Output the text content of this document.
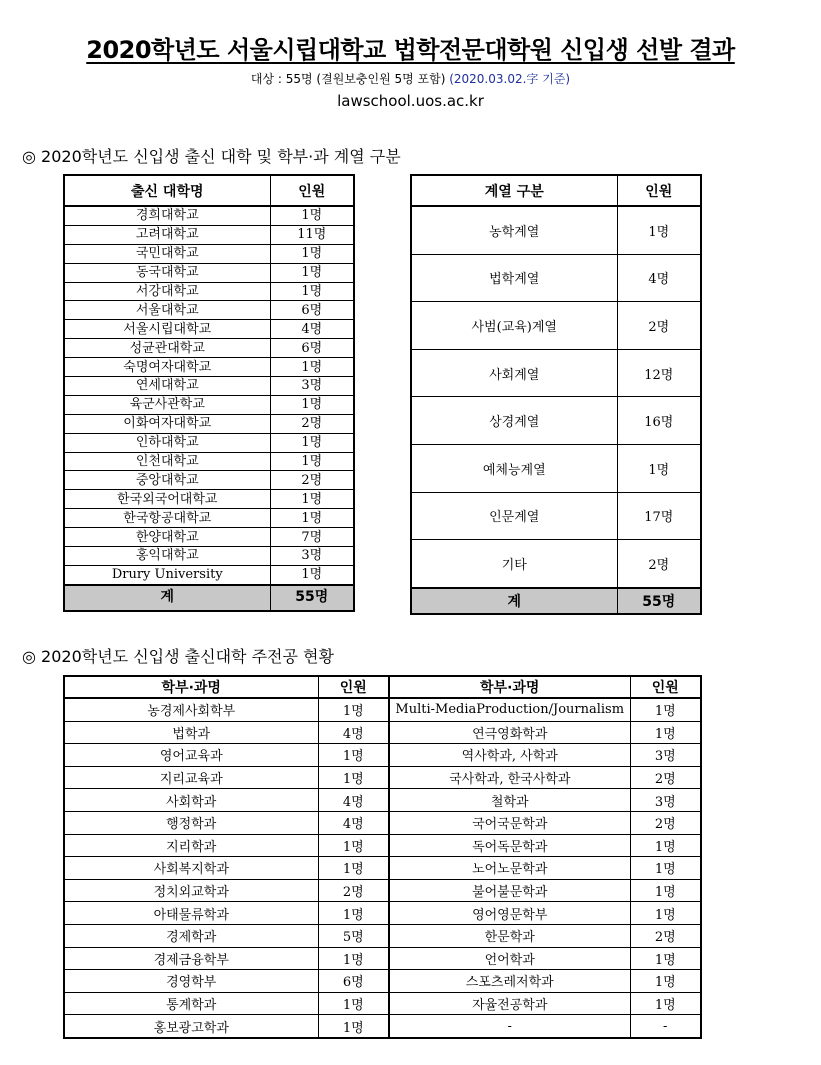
2020학년도 서울시립대학교 법학전문대학원 신입생 선발 결과
대상 : 55명 (결원보충인원 5명 포함) (2020.03.02.字 기준)
lawschool.uos.ac.kr
◎ 2020학년도 신입생 출신 대학 및 학부·과 계열 구분
출신 대학명	인원
경희대학교	1명
고려대학교	11명
국민대학교	1명
동국대학교	1명
서강대학교	1명
서울대학교	6명
서울시립대학교	4명
성균관대학교	6명
숙명여자대학교	1명
연세대학교	3명
육군사관학교	1명
이화여자대학교	2명
인하대학교	1명
인천대학교	1명
중앙대학교	2명
한국외국어대학교	1명
한국항공대학교	1명
한양대학교	7명
홍익대학교	3명
Drury University	1명
계	55명
계열 구분	인원
농학계열	1명
법학계열	4명
사범(교육)계열	2명
사회계열	12명
상경계열	16명
예체능계열	1명
인문계열	17명
기타	2명
계	55명
◎ 2020학년도 신입생 출신대학 주전공 현황
학부·과명	인원	학부·과명	인원
농경제사회학부	1명	Multi-MediaProduction/Journalism	1명
법학과	4명	연극영화학과	1명
영어교육과	1명	역사학과, 사학과	3명
지리교육과	1명	국사학과, 한국사학과	2명
사회학과	4명	철학과	3명
행정학과	4명	국어국문학과	2명
지리학과	1명	독어독문학과	1명
사회복지학과	1명	노어노문학과	1명
정치외교학과	2명	불어불문학과	1명
아태물류학과	1명	영어영문학부	1명
경제학과	5명	한문학과	2명
경제금융학부	1명	언어학과	1명
경영학부	6명	스포츠레저학과	1명
통계학과	1명	자율전공학과	1명
홍보광고학과	1명	-	-
